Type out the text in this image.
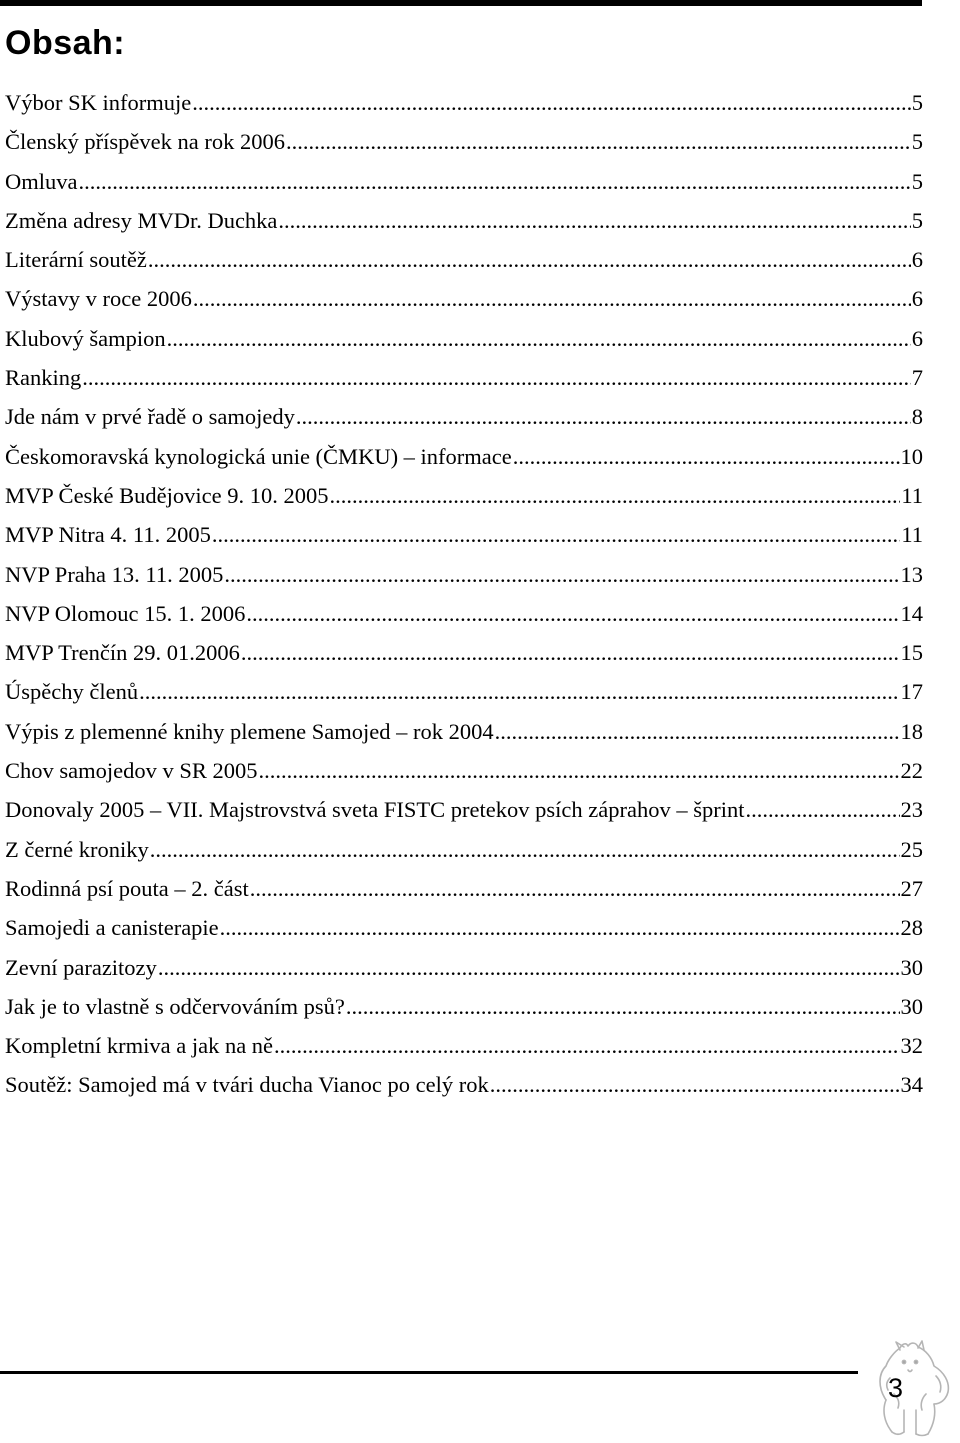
Obsah:
Výbor SK informuje .....	5
Členský příspěvek na rok 2006 .....	5
Omluva .....	5
Změna adresy MVDr. Duchka .....	5
Literární soutěž .....	6
Výstavy v roce 2006 .....	6
Klubový šampion .....	6
Ranking .....	7
Jde nám v prvé řadě o samojedy .....	8
Českomoravská kynologická unie (ČMKU) – informace .....	10
MVP České Budějovice 9. 10. 2005 .....	11
MVP Nitra 4. 11. 2005 .....	11
NVP Praha 13. 11. 2005 .....	13
NVP Olomouc 15. 1. 2006 .....	14
MVP Trenčín 29. 01.2006 .....	15
Úspěchy členů .....	17
Výpis z plemenné knihy plemene Samojed – rok 2004 .....	18
Chov samojedov v SR 2005 .....	22
Donovaly 2005 – VII. Majstrovstvá sveta FISTC pretekov psích záprahov – šprint .....	23
Z černé kroniky .....	25
Rodinná psí pouta – 2. část .....	27
Samojedi a canisterapie .....	28
Zevní parazitozy .....	30
Jak je to vlastně s odčervováním psů? .....	30
Kompletní krmiva a jak na ně .....	32
Soutěž: Samojed má v tvári ducha Vianoc po celý rok .....	34
3
